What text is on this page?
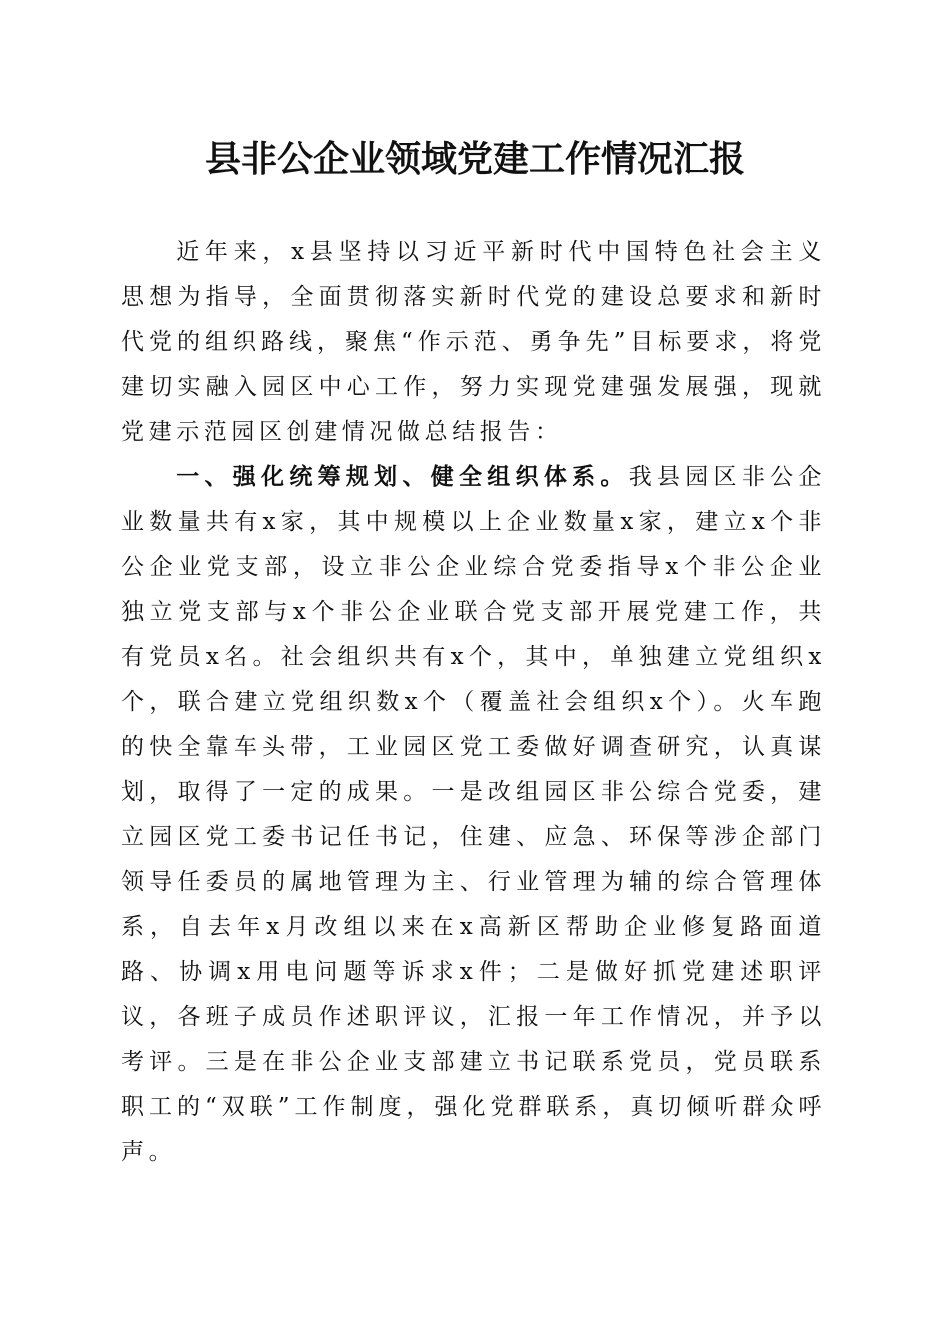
县非公企业领域党建工作情况汇报

近年来，x县坚持以习近平新时代中国特色社会主义思想为指导，全面贯彻落实新时代党的建设总要求和新时代党的组织路线，聚焦“作示范、勇争先”目标要求，将党建切实融入园区中心工作，努力实现党建强发展强，现就党建示范园区创建情况做总结报告：

一、强化统筹规划、健全组织体系。我县园区非公企业数量共有x家，其中规模以上企业数量x家，建立x个非公企业党支部，设立非公企业综合党委指导x个非公企业独立党支部与x个非公企业联合党支部开展党建工作，共有党员x名。社会组织共有x个，其中，单独建立党组织x个，联合建立党组织数x个（覆盖社会组织x个）。火车跑的快全靠车头带，工业园区党工委做好调查研究，认真谋划，取得了一定的成果。一是改组园区非公综合党委，建立园区党工委书记任书记，住建、应急、环保等涉企部门领导任委员的属地管理为主、行业管理为辅的综合管理体系，自去年x月改组以来在x高新区帮助企业修复路面道路、协调x用电问题等诉求x件；二是做好抓党建述职评议，各班子成员作述职评议，汇报一年工作情况，并予以考评。三是在非公企业支部建立书记联系党员，党员联系职工的“双联”工作制度，强化党群联系，真切倾听群众呼声。
